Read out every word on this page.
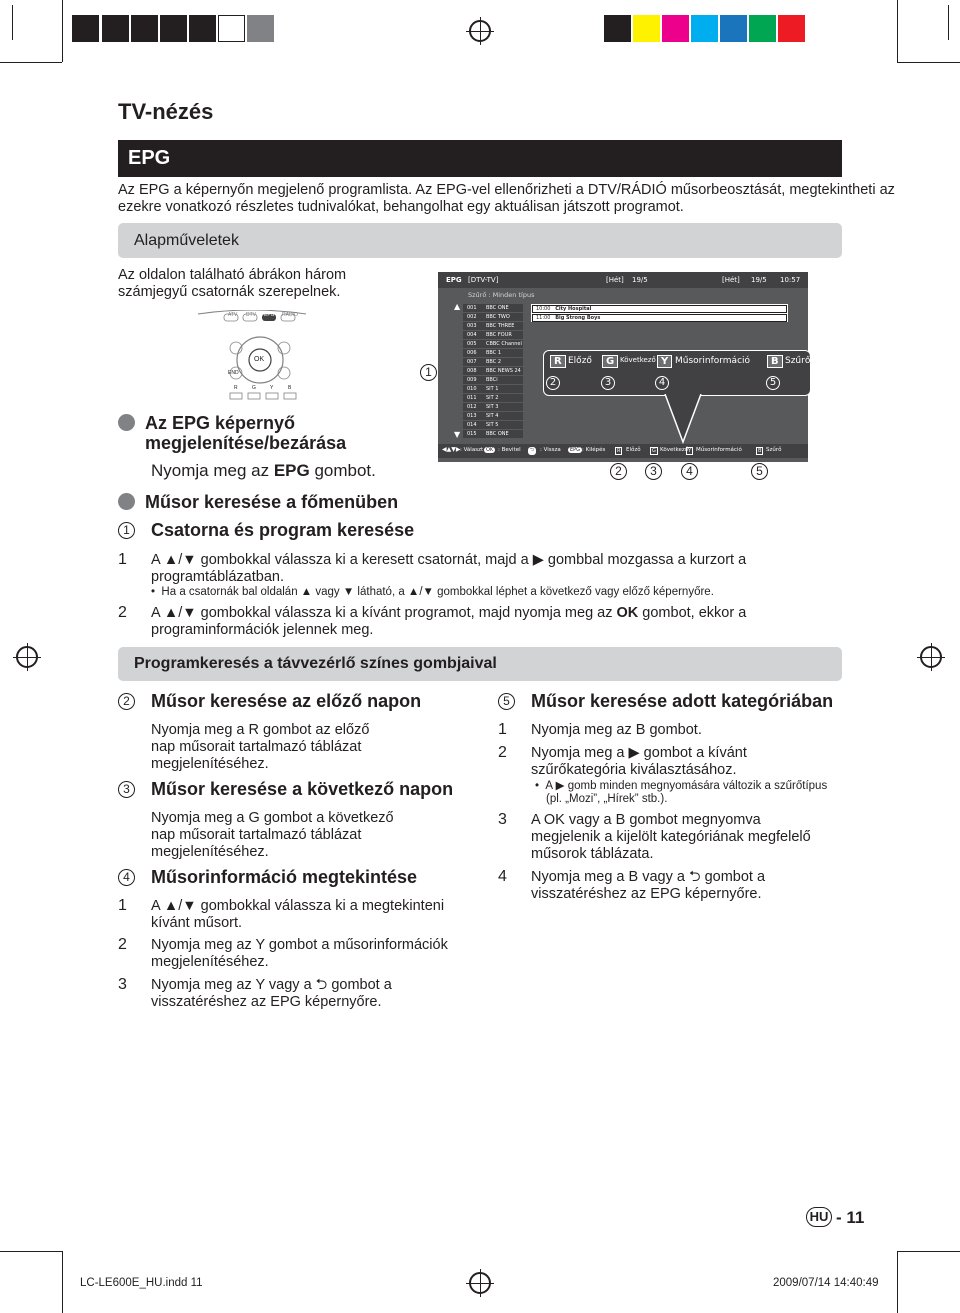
TV-nézés
EPG
Az EPG a képernyőn megjelenő programlista. Az EPG-vel ellenőrizheti a DTV/RÁDIÓ műsorbeosztását, megtekintheti az
ezekre vonatkozó részletes tudnivalókat, behangolhat egy aktuálisan játszott programot.
Alapműveletek
Az oldalon található ábrákon három
számjegyű csatornák szerepelnek.
ATV DTV EPG RADIO
OK
END
R	G	Y	B
1
EPG [DTV-TV]	[Hét] 19/5	[Hét] 19/5 10:57
Szűrő : Minden típus
▲
▼
001 BBC ONE
002 BBC TWO
003 BBC THREE
004 BBC FOUR
005 CBBC Channel
006 BBC 1
007 BBC 2
008 BBC NEWS 24
009 BBCi
010 SIT 1
011 SIT 2
012 SIT 3
013 SIT 4
014 SIT 5
015 BBC ONE
10:00 City Hospital
11:00 Big Strong Boys
R Előző	G Következő Y Műsorinformáció	B Szűrő
2	3	4	5
◀▲▼▶ : Választ OK : Bevitel	⮌	: Vissza	EPG : Kilépés	R	Előző	G Következő Y Műsorinformáció	B Szűrő
2	3	4	5
Az EPG képernyő
megjelenítése/bezárása
Nyomja meg az EPG gombot.
Műsor keresése a főmenüben
1 Csatorna és program keresése
1 A ▲/▼ gombokkal válassza ki a keresett csatornát, majd a ▶ gombbal mozgassa a kurzort a
programtáblázatban.
•  Ha a csatornák bal oldalán ▲ vagy ▼ látható, a ▲/▼ gombokkal léphet a következő vagy előző képernyőre.
2 A ▲/▼ gombokkal válassza ki a kívánt programot, majd nyomja meg az OK gombot, ekkor a
programinformációk jelennek meg.
Programkeresés a távvezérlő színes gombjaival
2 Műsor keresése az előző napon
Nyomja meg a R gombot az előző
nap műsorait tartalmazó táblázat
megjelenítéséhez.
3 Műsor keresése a következő napon
Nyomja meg a G gombot a következő
nap műsorait tartalmazó táblázat
megjelenítéséhez.
4 Műsorinformáció megtekintése
1 A ▲/▼ gombokkal válassza ki a megtekinteni
kívánt műsort.
2 Nyomja meg az Y gombot a műsorinformációk
megjelenítéséhez.
3 Nyomja meg az Y vagy a ⮌ gombot a
visszatéréshez az EPG képernyőre.
5 Műsor keresése adott kategóriában
1 Nyomja meg az B gombot.
2 Nyomja meg a ▶ gombot a kívánt
szűrőkategória kiválasztásához.
•  A ▶ gomb minden megnyomására változik a szűrőtípus
(pl. „Mozi”, „Hírek” stb.).
3 A OK vagy a B gombot megnyomva
megjelenik a kijelölt kategóriának megfelelő
műsorok táblázata.
4 Nyomja meg a B vagy a ⮌ gombot a
visszatéréshez az EPG képernyőre.
HU - 11
LC-LE600E_HU.indd 11	2009/07/14 14:40:49
